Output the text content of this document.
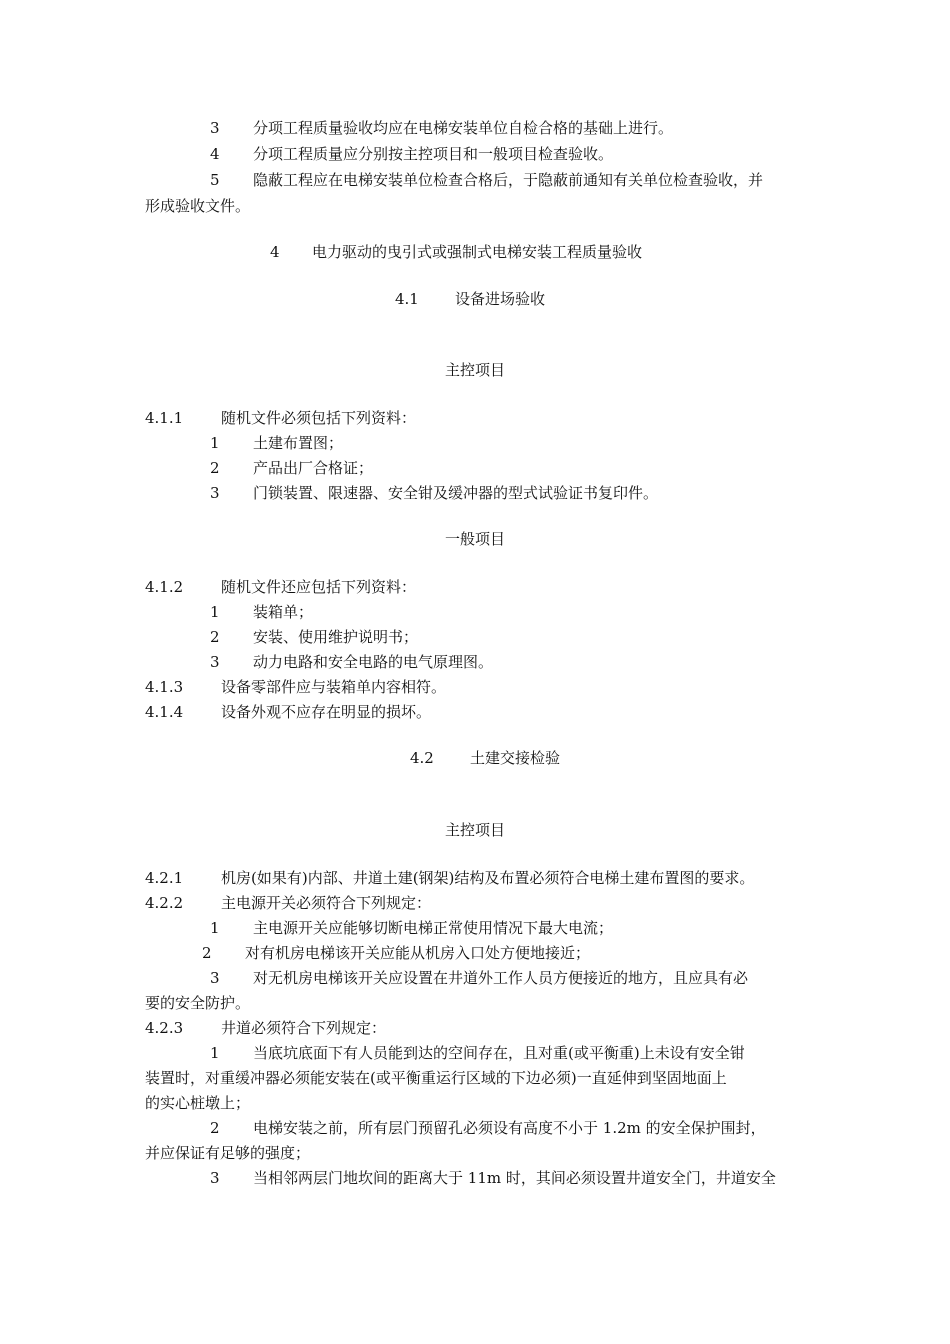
3 分项工程质量验收均应在电梯安装单位自检合格的基础上进行。
4 分项工程质量应分别按主控项目和一般项目检查验收。
5 隐蔽工程应在电梯安装单位检查合格后，于隐蔽前通知有关单位检查验收，并
形成验收文件。
4 电力驱动的曳引式或强制式电梯安装工程质量验收
4.1 设备进场验收
主控项目
4.1.1	随机文件必须包括下列资料：
1 土建布置图；
2 产品出厂合格证；
3 门锁装置、限速器、安全钳及缓冲器的型式试验证书复印件。
一般项目
4.1.2	随机文件还应包括下列资料：
1 装箱单；
2 安装、使用维护说明书；
3 动力电路和安全电路的电气原理图。
4.1.3	设备零部件应与装箱单内容相符。
4.1.4	设备外观不应存在明显的损坏。
4.2 土建交接检验
主控项目
4.2.1	机房(如果有)内部、井道土建(钢架)结构及布置必须符合电梯土建布置图的要求。
4.2.2	主电源开关必须符合下列规定：
1 主电源开关应能够切断电梯正常使用情况下最大电流；
2 对有机房电梯该开关应能从机房入口处方便地接近；
3 对无机房电梯该开关应设置在井道外工作人员方便接近的地方，且应具有必
要的安全防护。
4.2.3	井道必须符合下列规定：
1 当底坑底面下有人员能到达的空间存在，且对重(或平衡重)上未设有安全钳
装置时，对重缓冲器必须能安装在(或平衡重运行区域的下边必须)一直延伸到坚固地面上
的实心桩墩上；
2 电梯安装之前，所有层门预留孔必须设有高度不小于 1.2m 的安全保护围封，
并应保证有足够的强度；
3 当相邻两层门地坎间的距离大于 11m 时，其间必须设置井道安全门，井道安全
